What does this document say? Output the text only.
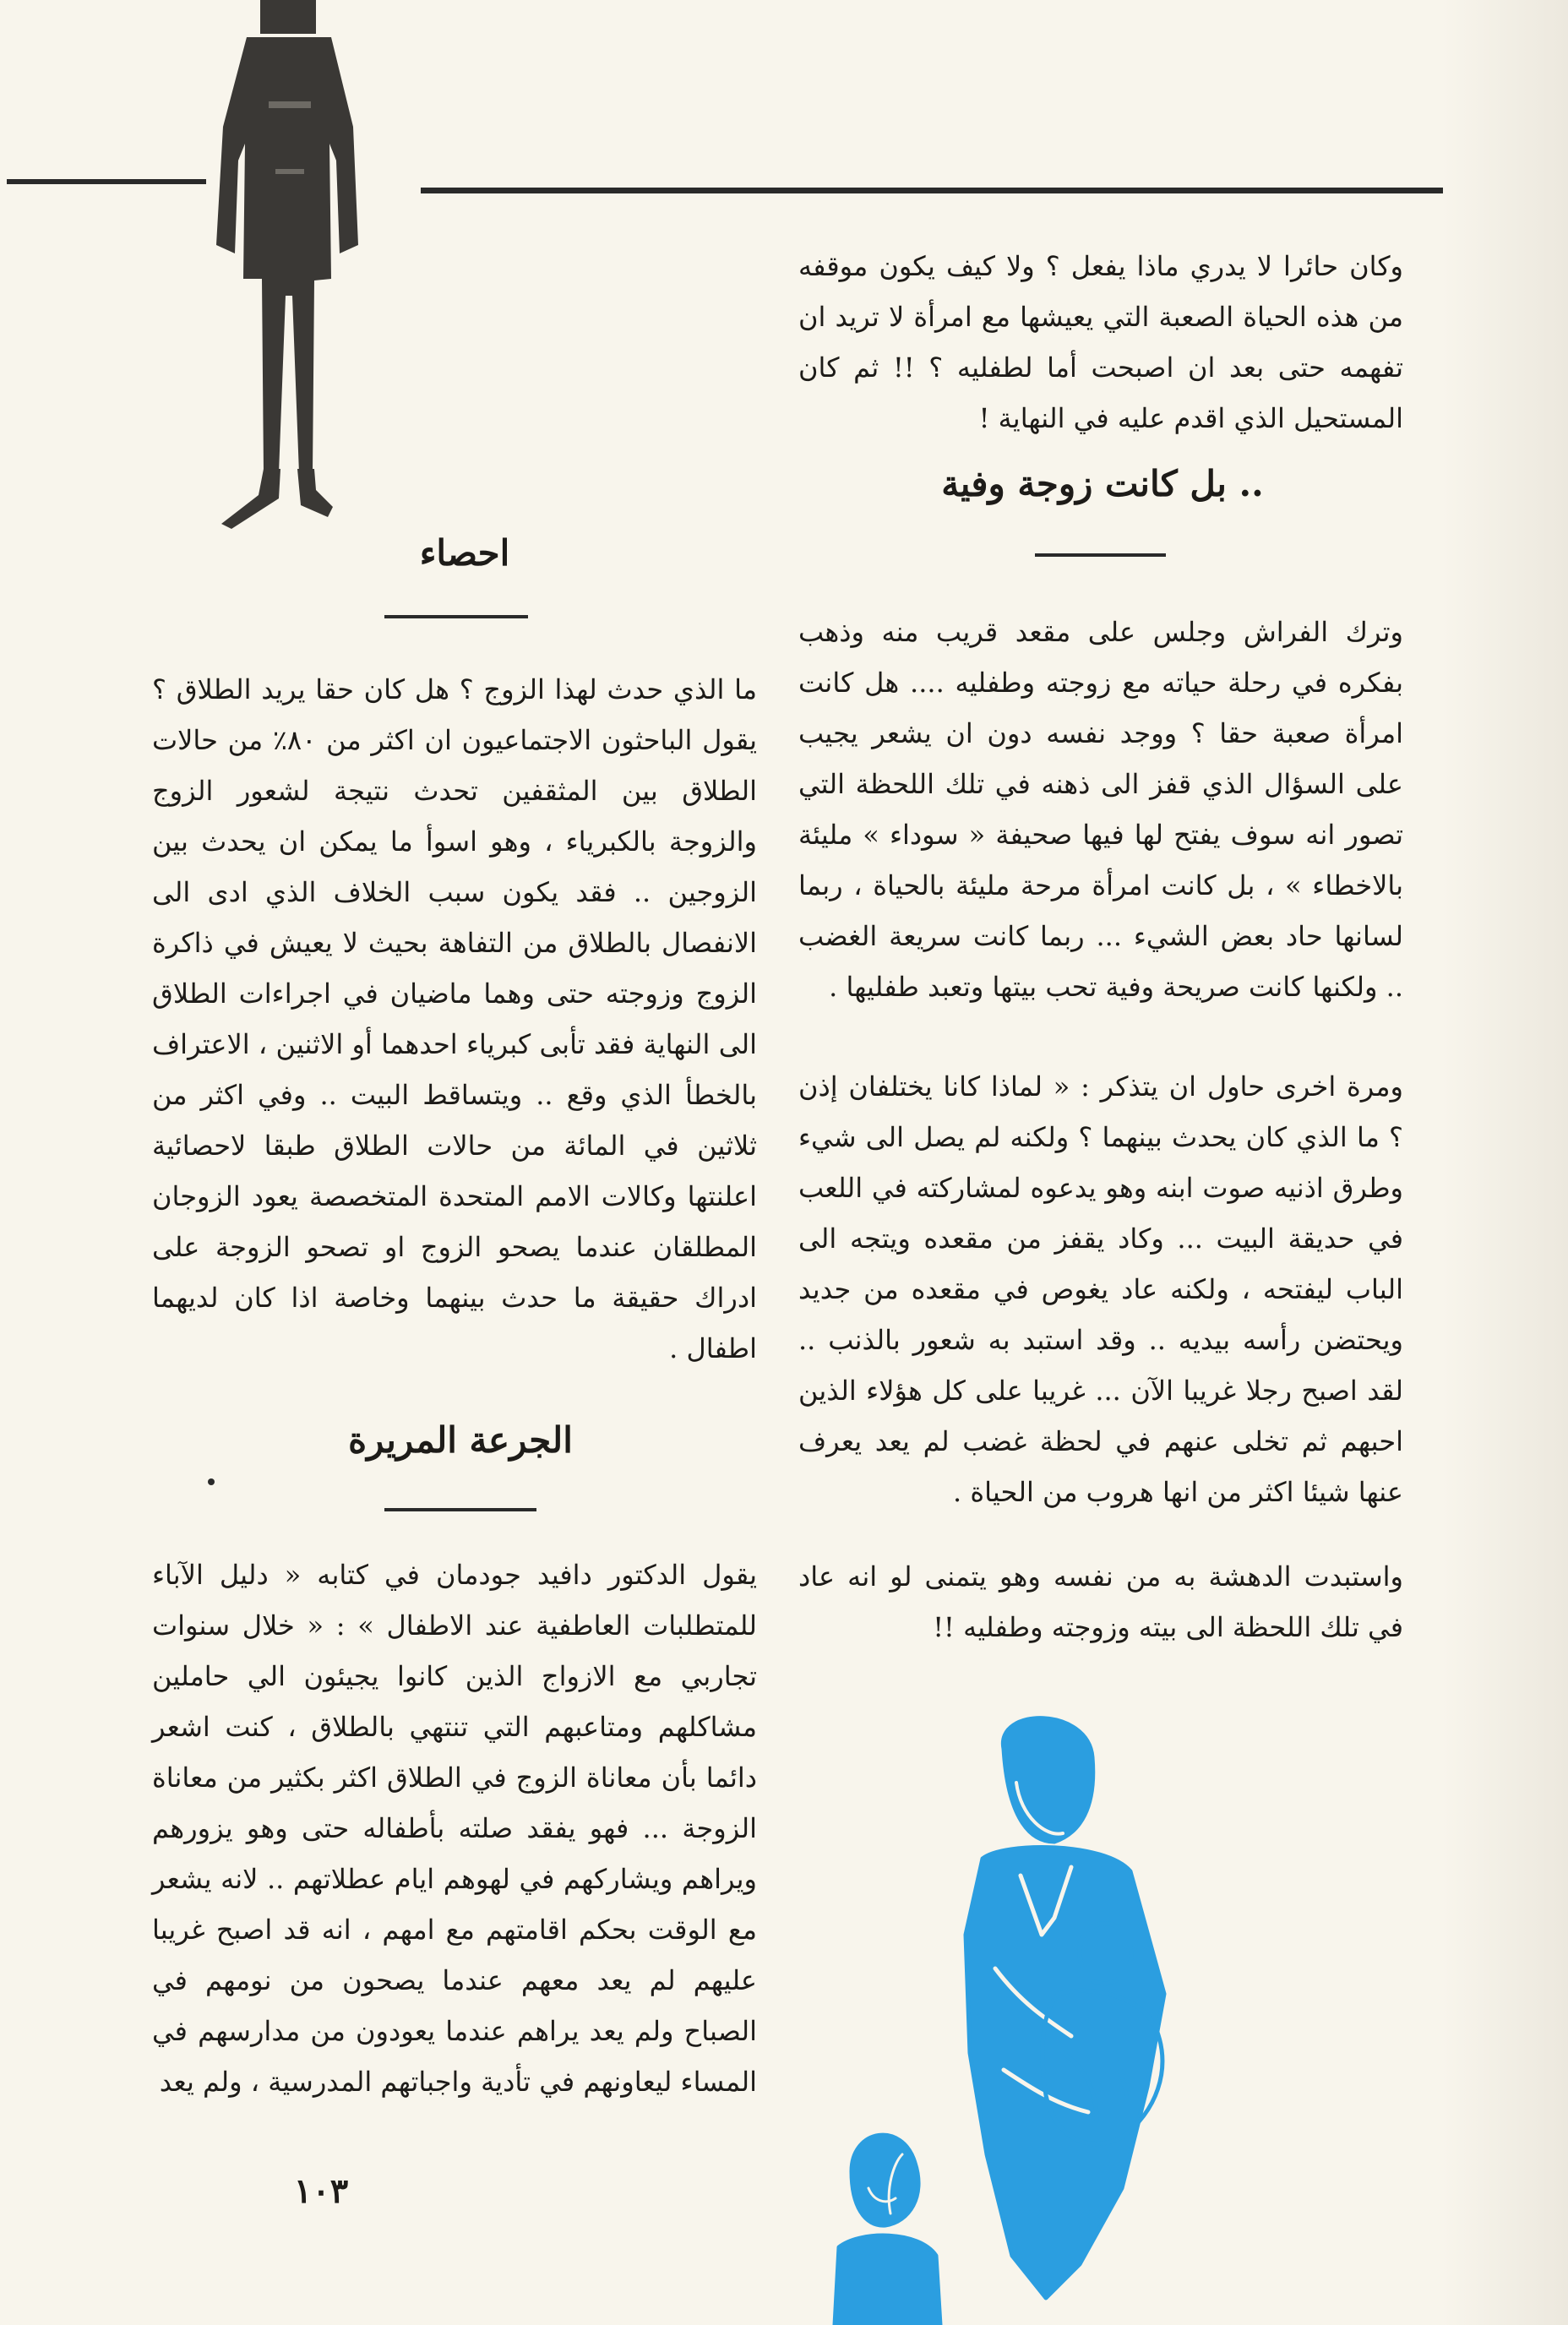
وكان حائرا لا يدري ماذا يفعل ؟ ولا كيف يكون موقفه من هذه الحياة الصعبة التي يعيشها مع امرأة لا تريد ان تفهمه حتى بعد ان اصبحت أما لطفليه ؟ !! ثم كان المستحيل الذي اقدم عليه في النهاية !

.. بل كانت زوجة وفية

وترك الفراش وجلس على مقعد قريب منه وذهب بفكره في رحلة حياته مع زوجته وطفليه .... هل كانت امرأة صعبة حقا ؟ ووجد نفسه دون ان يشعر يجيب على السؤال الذي قفز الى ذهنه في تلك اللحظة التي تصور انه سوف يفتح لها فيها صحيفة « سوداء » مليئة بالاخطاء » ، بل كانت امرأة مرحة مليئة بالحياة ، ربما لسانها حاد بعض الشيء ... ربما كانت سريعة الغضب .. ولكنها كانت صريحة وفية تحب بيتها وتعبد طفليها .

ومرة اخرى حاول ان يتذكر : « لماذا كانا يختلفان إذن ؟ ما الذي كان يحدث بينهما ؟ ولكنه لم يصل الى شيء وطرق اذنيه صوت ابنه وهو يدعوه لمشاركته في اللعب في حديقة البيت ... وكاد يقفز من مقعده ويتجه الى الباب ليفتحه ، ولكنه عاد يغوص في مقعده من جديد ويحتضن رأسه بيديه .. وقد استبد به شعور بالذنب .. لقد اصبح رجلا غريبا الآن ... غريبا على كل هؤلاء الذين احبهم ثم تخلى عنهم في لحظة غضب لم يعد يعرف عنها شيئا اكثر من انها هروب من الحياة .

واستبدت الدهشة به من نفسه وهو يتمنى لو انه عاد في تلك اللحظة الى بيته وزوجته وطفليه !!

احصاء

ما الذي حدث لهذا الزوج ؟ هل كان حقا يريد الطلاق ؟ يقول الباحثون الاجتماعيون ان اكثر من ٨٠٪ من حالات الطلاق بين المثقفين تحدث نتيجة لشعور الزوج والزوجة بالكبرياء ، وهو اسوأ ما يمكن ان يحدث بين الزوجين .. فقد يكون سبب الخلاف الذي ادى الى الانفصال بالطلاق من التفاهة بحيث لا يعيش في ذاكرة الزوج وزوجته حتى وهما ماضيان في اجراءات الطلاق الى النهاية فقد تأبى كبرياء احدهما أو الاثنين ، الاعتراف بالخطأ الذي وقع .. ويتساقط البيت .. وفي اكثر من ثلاثين في المائة من حالات الطلاق طبقا لاحصائية اعلنتها وكالات الامم المتحدة المتخصصة يعود الزوجان المطلقان عندما يصحو الزوج او تصحو الزوجة على ادراك حقيقة ما حدث بينهما وخاصة اذا كان لديهما اطفال .

الجرعة المريرة

يقول الدكتور دافيد جودمان في كتابه « دليل الآباء للمتطلبات العاطفية عند الاطفال » : « خلال سنوات تجاربي مع الازواج الذين كانوا يجيئون الي حاملين مشاكلهم ومتاعبهم التي تنتهي بالطلاق ، كنت اشعر دائما بأن معاناة الزوج في الطلاق اكثر بكثير من معاناة الزوجة ... فهو يفقد صلته بأطفاله حتى وهو يزورهم ويراهم ويشاركهم في لهوهم ايام عطلاتهم .. لانه يشعر مع الوقت بحكم اقامتهم مع امهم ، انه قد اصبح غريبا عليهم لم يعد معهم عندما يصحون من نومهم في الصباح ولم يعد يراهم عندما يعودون من مدارسهم في المساء ليعاونهم في تأدية واجباتهم المدرسية ، ولم يعد

١٠٣
